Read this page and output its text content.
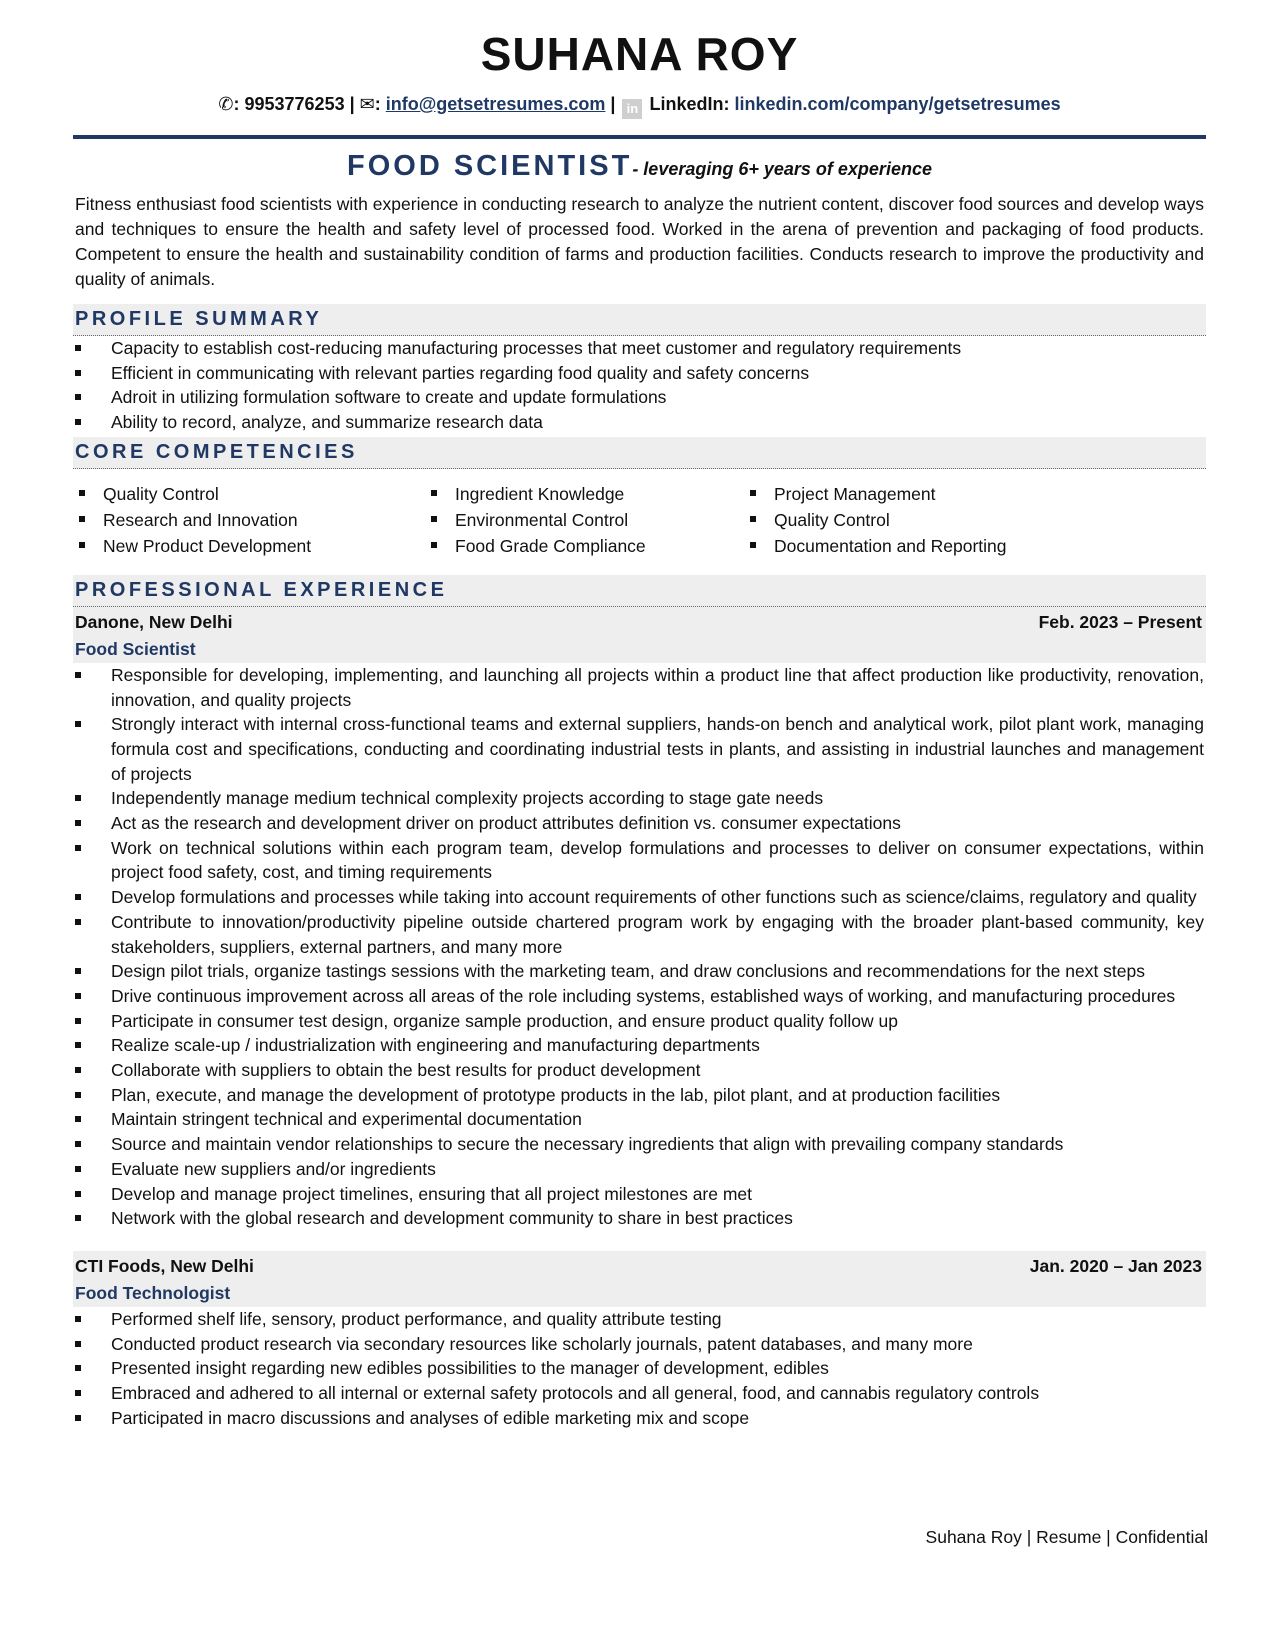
SUHANA ROY
✆: 9953776253 | ✉: info@getsetresumes.com | in LinkedIn: linkedin.com/company/getsetresumes
FOOD SCIENTIST- leveraging 6+ years of experience

Fitness enthusiast food scientists with experience in conducting research to analyze the nutrient content, discover food sources and develop ways and techniques to ensure the health and safety level of processed food. Worked in the arena of prevention and packaging of food products. Competent to ensure the health and sustainability condition of farms and production facilities. Conducts research to improve the productivity and quality of animals.

PROFILE SUMMARY
Capacity to establish cost-reducing manufacturing processes that meet customer and regulatory requirements
Efficient in communicating with relevant parties regarding food quality and safety concerns
Adroit in utilizing formulation software to create and update formulations
Ability to record, analyze, and summarize research data
CORE COMPETENCIES
Quality Control
Research and Innovation
New Product Development
Ingredient Knowledge
Environmental Control
Food Grade Compliance
Project Management
Quality Control
Documentation and Reporting
PROFESSIONAL EXPERIENCE
Danone, New Delhi	Feb. 2023 – Present
Food Scientist
Responsible for developing, implementing, and launching all projects within a product line that affect production like productivity, renovation, innovation, and quality projects
Strongly interact with internal cross-functional teams and external suppliers, hands-on bench and analytical work, pilot plant work, managing formula cost and specifications, conducting and coordinating industrial tests in plants, and assisting in industrial launches and management of projects
Independently manage medium technical complexity projects according to stage gate needs
Act as the research and development driver on product attributes definition vs. consumer expectations
Work on technical solutions within each program team, develop formulations and processes to deliver on consumer expectations, within project food safety, cost, and timing requirements
Develop formulations and processes while taking into account requirements of other functions such as science/claims, regulatory and quality
Contribute to innovation/productivity pipeline outside chartered program work by engaging with the broader plant-based community, key stakeholders, suppliers, external partners, and many more
Design pilot trials, organize tastings sessions with the marketing team, and draw conclusions and recommendations for the next steps
Drive continuous improvement across all areas of the role including systems, established ways of working, and manufacturing procedures
Participate in consumer test design, organize sample production, and ensure product quality follow up
Realize scale-up / industrialization with engineering and manufacturing departments
Collaborate with suppliers to obtain the best results for product development
Plan, execute, and manage the development of prototype products in the lab, pilot plant, and at production facilities
Maintain stringent technical and experimental documentation
Source and maintain vendor relationships to secure the necessary ingredients that align with prevailing company standards
Evaluate new suppliers and/or ingredients
Develop and manage project timelines, ensuring that all project milestones are met
Network with the global research and development community to share in best practices
CTI Foods, New Delhi	Jan. 2020 – Jan 2023
Food Technologist
Performed shelf life, sensory, product performance, and quality attribute testing
Conducted product research via secondary resources like scholarly journals, patent databases, and many more
Presented insight regarding new edibles possibilities to the manager of development, edibles
Embraced and adhered to all internal or external safety protocols and all general, food, and cannabis regulatory controls
Participated in macro discussions and analyses of edible marketing mix and scope
Suhana Roy | Resume | Confidential
